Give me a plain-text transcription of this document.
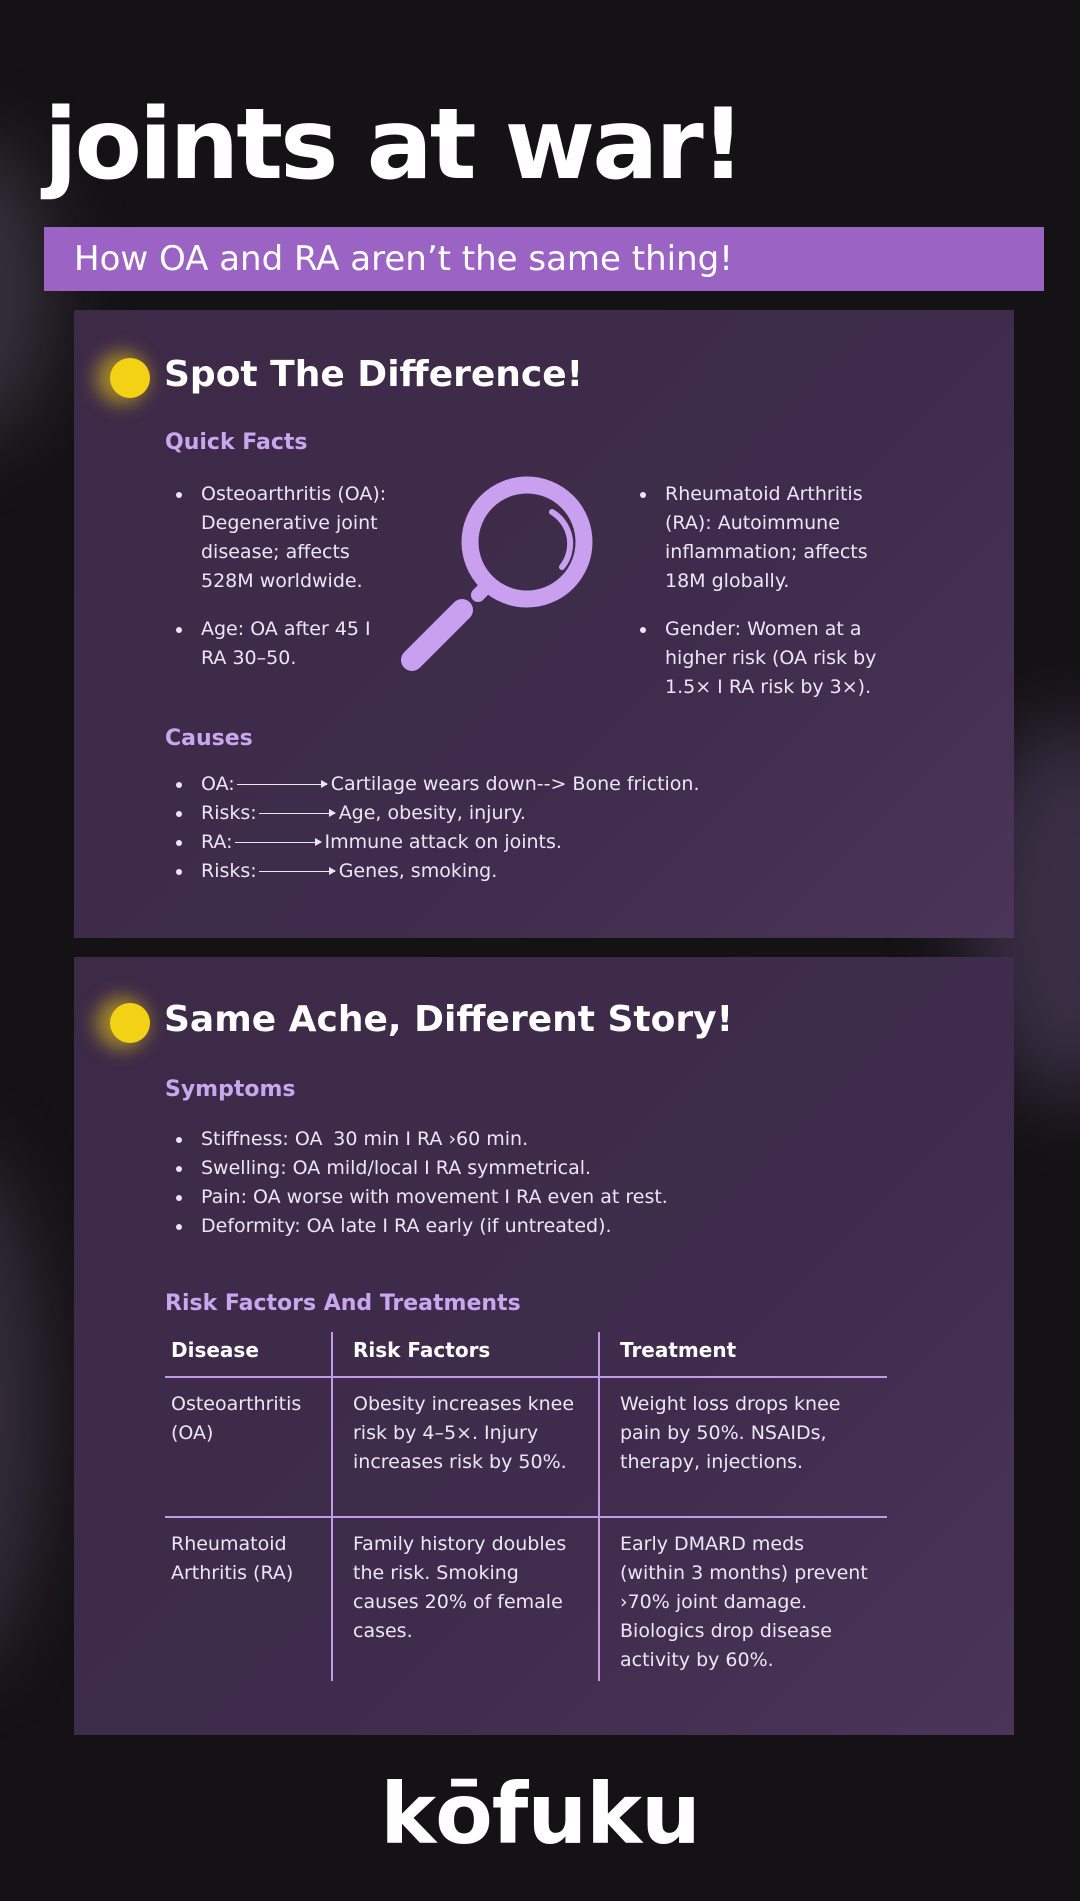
joints at war!
How OA and RA aren’t the same thing!
Spot The Difference!
Quick Facts
Osteoarthritis (OA): Degenerative joint disease; affects 528M worldwide.
Age: OA after 45 I RA 30–50.
Rheumatoid Arthritis (RA): Autoimmune inflammation; affects 18M globally.
Gender: Women at a higher risk (OA risk by 1.5× I RA risk by 3×).
Causes
OA:	Cartilage wears down--> Bone friction.
Risks:	Age, obesity, injury.
RA:	Immune attack on joints.
Risks:	Genes, smoking.
Same Ache, Different Story!
Symptoms
Stiffness: OA  30 min I RA ›60 min.
Swelling: OA mild/local I RA symmetrical.
Pain: OA worse with movement I RA even at rest.
Deformity: OA late I RA early (if untreated).
Risk Factors And Treatments
Disease	Risk Factors	Treatment
Osteoarthritis (OA)	Obesity increases knee risk by 4–5×. Injury increases risk by 50%.	Weight loss drops knee pain by 50%. NSAIDs, therapy, injections.
Rheumatoid Arthritis (RA)	Family history doubles the risk. Smoking causes 20% of female cases.	Early DMARD meds (within 3 months) prevent ›70% joint damage. Biologics drop disease activity by 60%.
kōfuku
